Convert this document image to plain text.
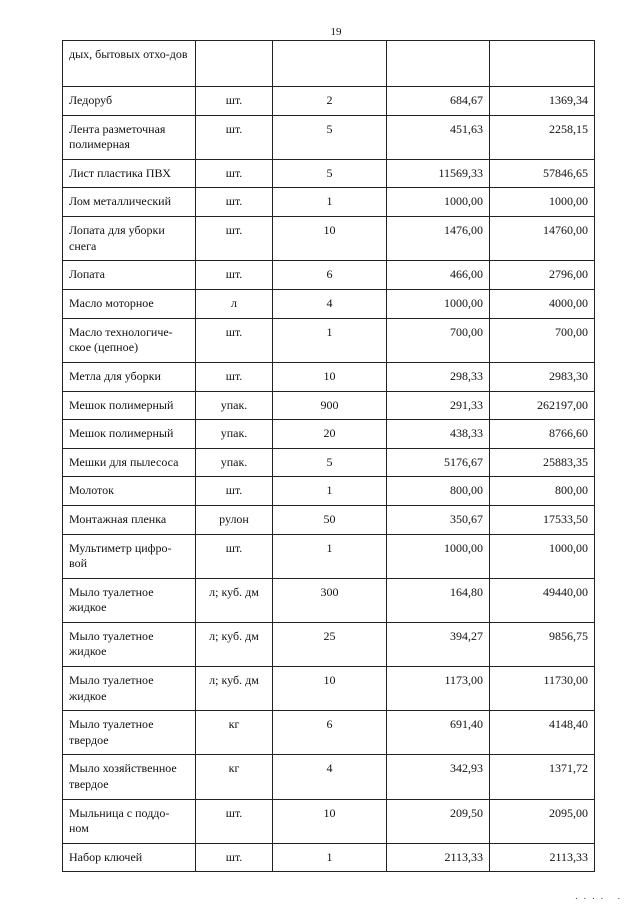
19
дых, бытовых отхо-дов				
Ледоруб	шт.	2	684,67	1369,34
Лента разметочная полимерная	шт.	5	451,63	2258,15
Лист пластика ПВХ	шт.	5	11569,33	57846,65
Лом металлический	шт.	1	1000,00	1000,00
Лопата для уборки снега	шт.	10	1476,00	14760,00
Лопата	шт.	6	466,00	2796,00
Масло моторное	л	4	1000,00	4000,00
Масло технологиче-ское (цепное)	шт.	1	700,00	700,00
Метла для уборки	шт.	10	298,33	2983,30
Мешок полимерный	упак.	900	291,33	262197,00
Мешок полимерный	упак.	20	438,33	8766,60
Мешки для пылесоса	упак.	5	5176,67	25883,35
Молоток	шт.	1	800,00	800,00
Монтажная пленка	рулон	50	350,67	17533,50
Мультиметр цифро-вой	шт.	1	1000,00	1000,00
Мыло туалетное жидкое	л; куб. дм	300	164,80	49440,00
Мыло туалетное жидкое	л; куб. дм	25	394,27	9856,75
Мыло туалетное жидкое	л; куб. дм	10	1173,00	11730,00
Мыло туалетное твердое	кг	6	691,40	4148,40
Мыло хозяйственное твердое	кг	4	342,93	1371,72
Мыльница с поддо-ном	шт.	10	209,50	2095,00
Набор ключей	шт.	1	2113,33	2113,33
. . . .   .
